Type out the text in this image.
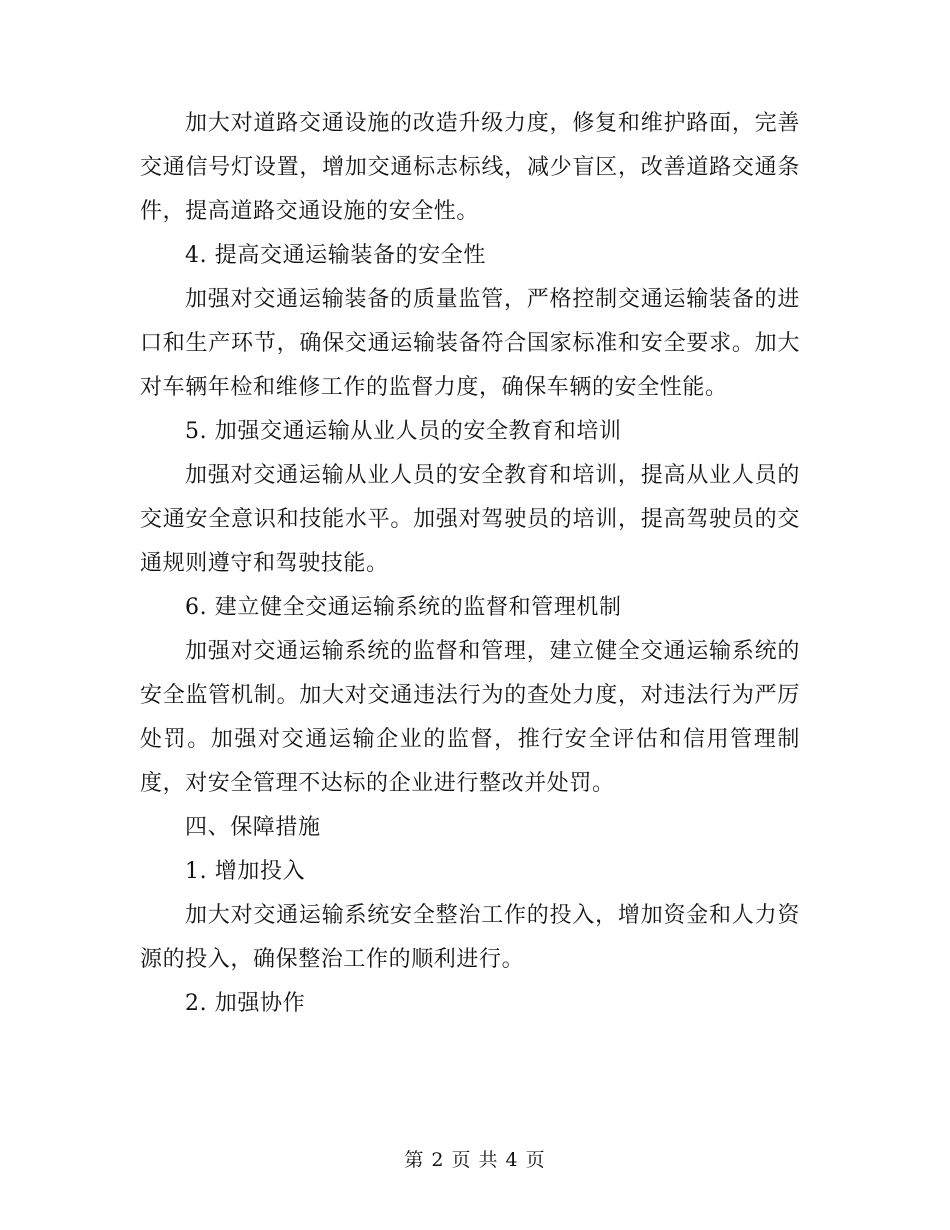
加大对道路交通设施的改造升级力度，修复和维护路面，完善交通信号灯设置，增加交通标志标线，减少盲区，改善道路交通条件，提高道路交通设施的安全性。

4. 提高交通运输装备的安全性

加强对交通运输装备的质量监管，严格控制交通运输装备的进口和生产环节，确保交通运输装备符合国家标准和安全要求。加大对车辆年检和维修工作的监督力度，确保车辆的安全性能。

5. 加强交通运输从业人员的安全教育和培训

加强对交通运输从业人员的安全教育和培训，提高从业人员的交通安全意识和技能水平。加强对驾驶员的培训，提高驾驶员的交通规则遵守和驾驶技能。

6. 建立健全交通运输系统的监督和管理机制

加强对交通运输系统的监督和管理，建立健全交通运输系统的安全监管机制。加大对交通违法行为的查处力度，对违法行为严厉处罚。加强对交通运输企业的监督，推行安全评估和信用管理制度，对安全管理不达标的企业进行整改并处罚。

四、保障措施

1. 增加投入

加大对交通运输系统安全整治工作的投入，增加资金和人力资源的投入，确保整治工作的顺利进行。

2. 加强协作

第 2 页 共 4 页
